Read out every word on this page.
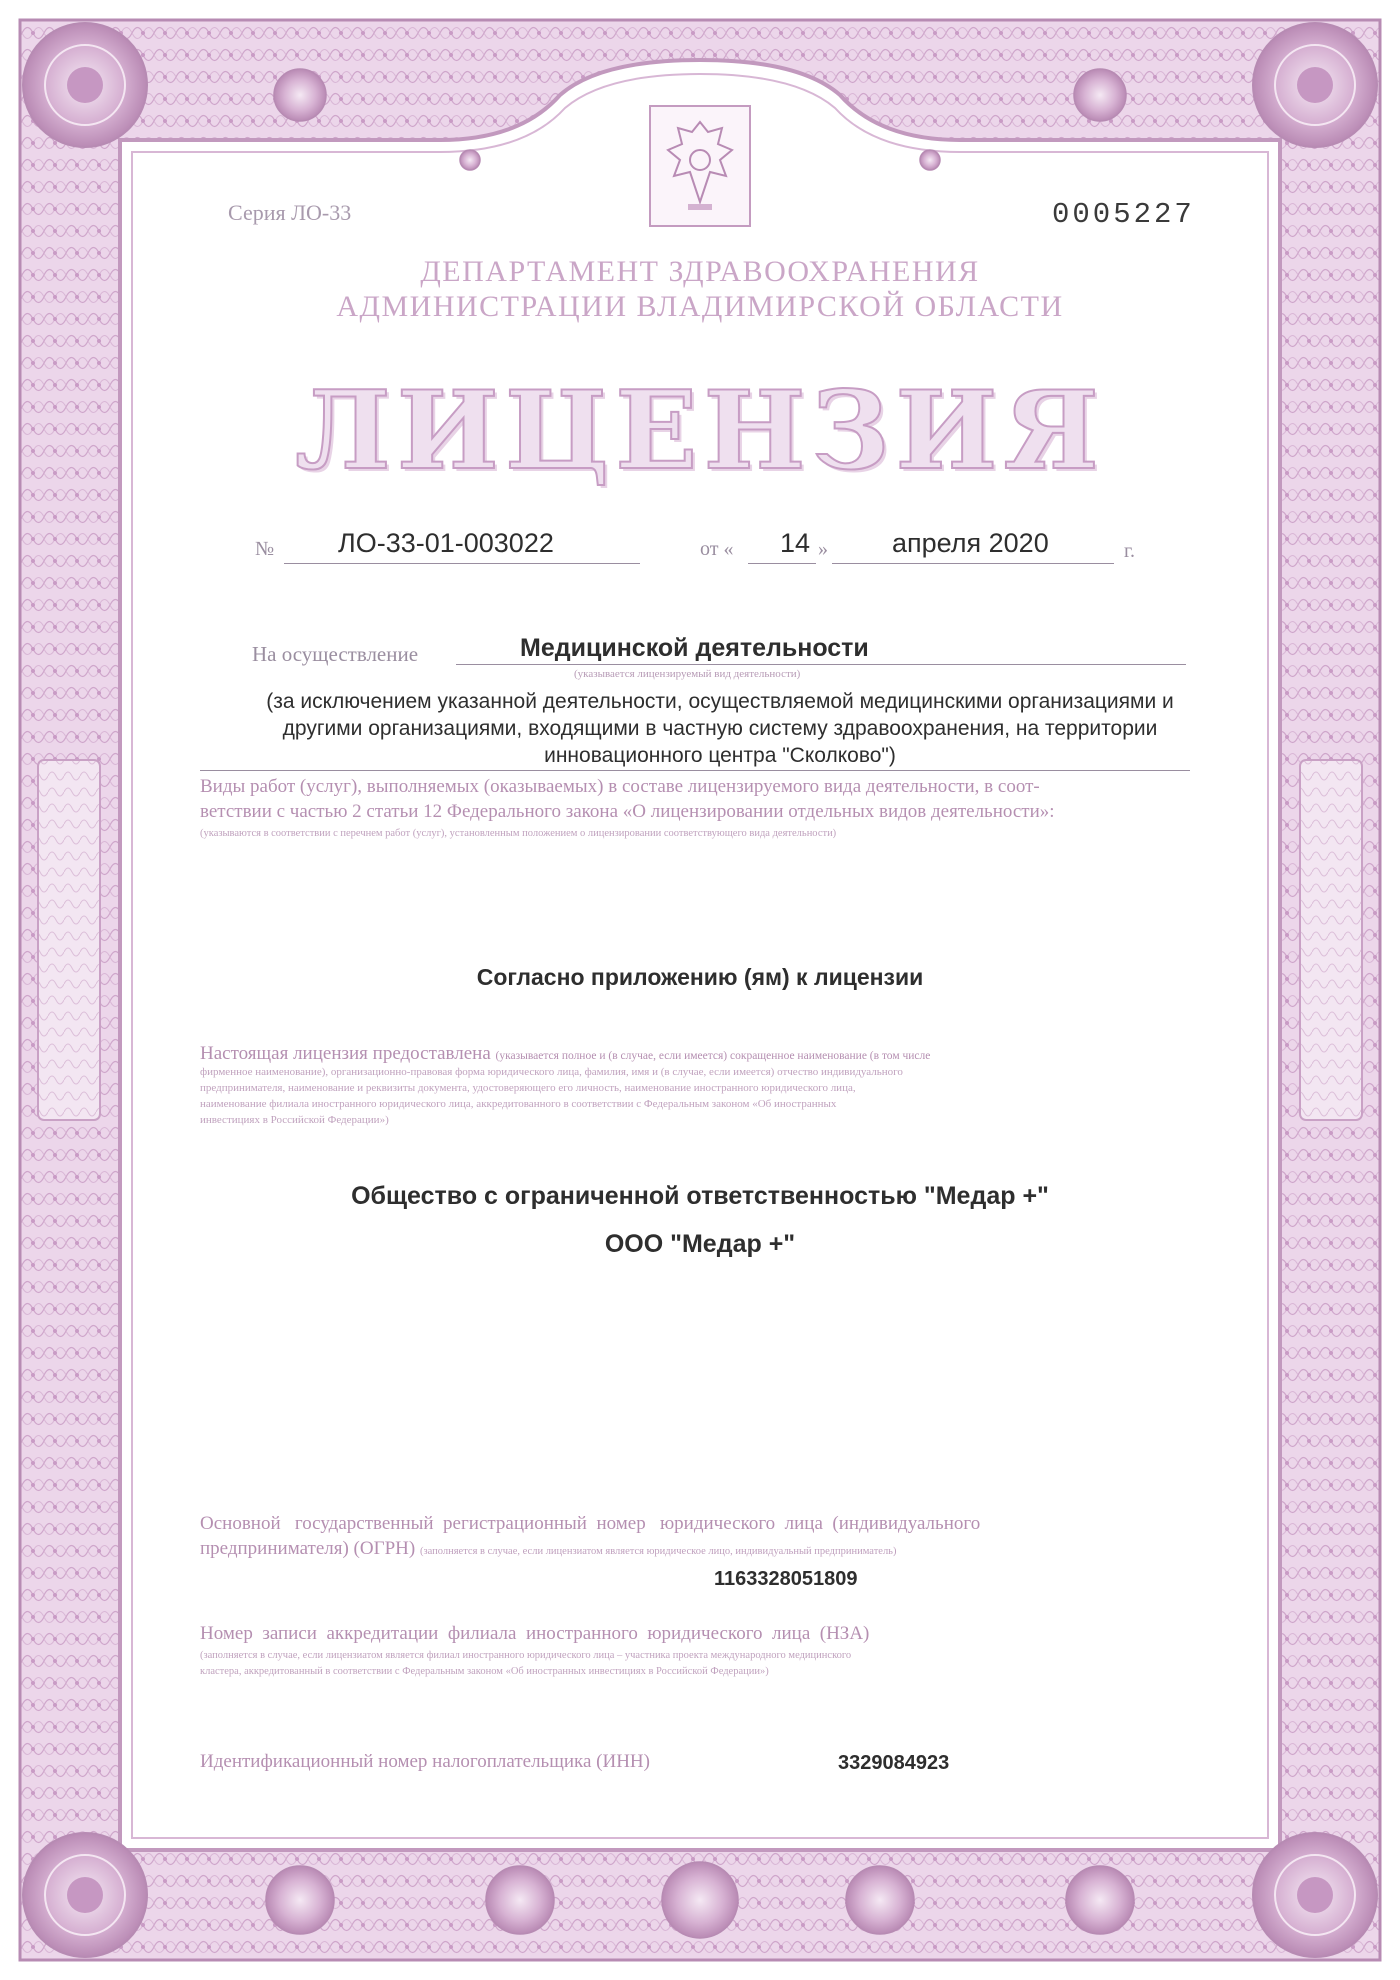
Серия ЛО-33	0005227
ДЕПАРТАМЕНТ ЗДРАВООХРАНЕНИЯ
АДМИНИСТРАЦИИ ВЛАДИМИРСКОЙ ОБЛАСТИ
ЛИЦЕНЗИЯ
№ ЛО-33-01-003022	от « 14 » апреля 2020	г.
На осуществление	Медицинской деятельности
(указывается лицензируемый вид деятельности)
(за исключением указанной деятельности, осуществляемой медицинскими организациями и
другими организациями, входящими в частную систему здравоохранения, на территории
инновационного центра "Сколково")
Виды работ (услуг), выполняемых (оказываемых) в составе лицензируемого вида деятельности, в соот-
ветствии с частью 2 статьи 12 Федерального закона «О лицензировании отдельных видов деятельности»:
(указываются в соответствии с перечнем работ (услуг), установленным положением о лицензировании соответствующего вида деятельности)
Согласно приложению (ям) к лицензии
Настоящая лицензия предоставлена (указывается полное и (в случае, если имеется) сокращенное наименование (в том числе
фирменное наименование), организационно-правовая форма юридического лица, фамилия, имя и (в случае, если имеется) отчество индивидуального
предпринимателя, наименование и реквизиты документа, удостоверяющего его личность, наименование иностранного юридического лица,
наименование филиала иностранного юридического лица, аккредитованного в соответствии с Федеральным законом «Об иностранных
инвестициях в Российской Федерации»)
Общество с ограниченной ответственностью "Медар +"
ООО "Медар +"
Основной   государственный  регистрационный  номер   юридического  лица  (индивидуального
предпринимателя) (ОГРН) (заполняется в случае, если лицензиатом является юридическое лицо, индивидуальный предприниматель)
1163328051809
Номер  записи  аккредитации  филиала  иностранного  юридического  лица  (НЗА)
(заполняется в случае, если лицензиатом является филиал иностранного юридического лица – участника проекта международного медицинского
кластера, аккредитованный в соответствии с Федеральным законом «Об иностранных инвестициях в Российской Федерации»)
Идентификационный номер налогоплательщика (ИНН)	3329084923
